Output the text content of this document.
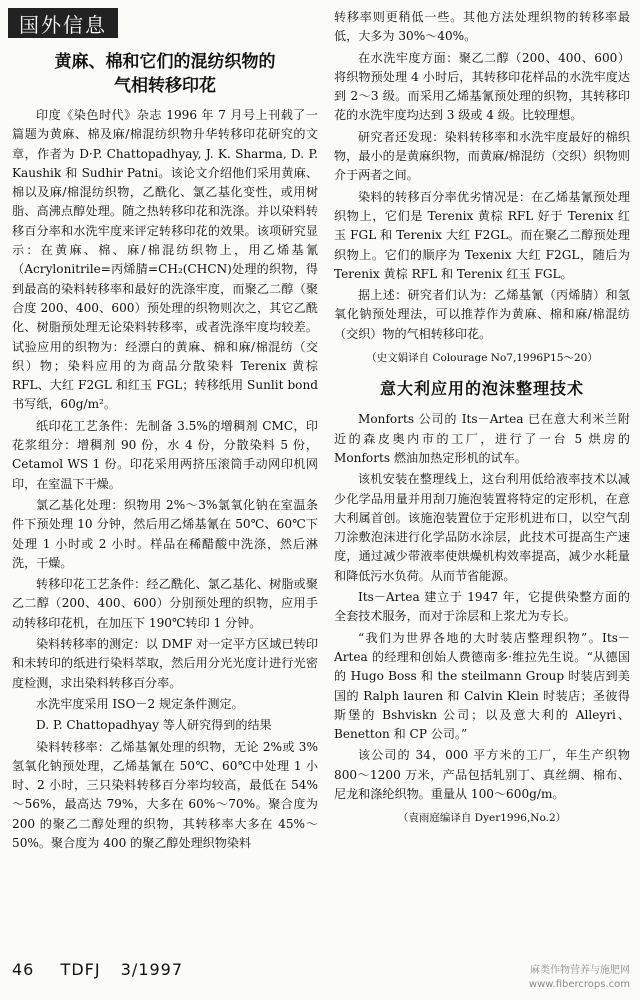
国外信息
黄麻、棉和它们的混纺织物的
气相转移印花

印度《染色时代》杂志 1996 年 7 月号上刊载了一篇题为黄麻、棉及麻/棉混纺织物升华转移印花研究的文章，作者为 D·P. Chattopadhyay, J. K. Sharma, D. P. Kaushik 和 Sudhir Patni。该论文介绍他们采用黄麻、棉以及麻/棉混纺织物，乙酰化、氯乙基化变性，或用树脂、高沸点醇处理。随之热转移印花和洗涤。并以染料转移百分率和水洗牢度来评定转移印花的效果。该项研究显示：在黄麻、棉、麻/棉混纺织物上，用乙烯基氰（Acrylonitrile=丙烯腈=CH₂(CHCN)处理的织物，得到最高的染料转移率和最好的洗涤牢度，而聚乙二醇（聚合度 200、400、600）预处理的织物则次之，其它乙酰化、树脂预处理无论染料转移率，或者洗涤牢度均较差。试验应用的织物为：经漂白的黄麻、棉和麻/棉混纺（交织）物；染料应用的为商品分散染料 Terenix 黄棕 RFL、大红 F2GL 和红玉 FGL；转移纸用 Sunlit bond 书写纸，60g/m²。

纸印花工艺条件：先制备 3.5%的增稠剂 CMC，印花浆组分：增稠剂 90 份，水 4 份，分散染料 5 份，Cetamol WS 1 份。印花采用两挤压滚筒手动网印机网印，在室温下干燥。

氯乙基化处理：织物用 2%～3%氯氧化钠在室温条件下预处理 10 分钟，然后用乙烯基氰在 50℃、60℃下处理 1 小时或 2 小时。样品在稀醋酸中洗涤，然后淋洗，干燥。

转移印花工艺条件：经乙酰化、氯乙基化、树脂或聚乙二醇（200、400、600）分别预处理的织物，应用手动转移印花机，在加压下 190℃转印 1 分钟。

染料转移率的测定：以 DMF 对一定平方区域已转印和未转印的纸进行染料萃取，然后用分光光度计进行光密度检测，求出染料转移百分率。

水洗牢度采用 ISO－2 规定条件测定。

D. P. Chattopadhyay 等人研究得到的结果

染料转移率：乙烯基氰处理的织物，无论 2%或 3%氢氧化钠预处理，乙烯基氰在 50℃、60℃中处理 1 小时、2 小时，三只染料转移百分率均较高，最低在 54%～56%，最高达 79%，大多在 60%～70%。聚合度为 200 的聚乙二醇处理的织物，其转移率大多在 45%～50%。聚合度为 400 的聚乙醇处理织物染料

转移率则更稍低一些。其他方法处理织物的转移率最低，大多为 30%～40%。

在水洗牢度方面：聚乙二醇（200、400、600）将织物预处理 4 小时后，其转移印花样品的水洗牢度达到 2～3 级。而采用乙烯基氰预处理的织物，其转移印花的水洗牢度均达到 3 级或 4 级。比较理想。

研究者还发现：染料转移率和水洗牢度最好的棉织物，最小的是黄麻织物，而黄麻/棉混纺（交织）织物则介于两者之间。

染料的转移百分率优劣情况是：在乙烯基氰预处理织物上，它们是 Terenix 黄棕 RFL 好于 Terenix 红玉 FGL 和 Terenix 大红 F2GL。而在聚乙二醇预处理织物上。它们的顺序为 Texenix 大红 F2GL，随后为 Terenix 黄棕 RFL 和 Terenix 红玉 FGL。

据上述：研究者们认为：乙烯基氰（丙烯腈）和氢氧化钠预处理法，可以推荐作为黄麻、棉和麻/棉混纺（交织）物的气相转移印花。

（史文娟译自 Colourage No7,1996P15～20）
意大利应用的泡沫整理技术

Monforts 公司的 Its－Artea 已在意大利米兰附近的森皮奥内市的工厂，进行了一台 5 烘房的 Monforts 燃油加热定形机的试车。

该机安装在整理线上，这台利用低给液率技术以减少化学品用量并用刮刀施泡装置将特定的定形机，在意大利属首创。该施泡装置位于定形机进布口，以空气刮刀涂敷泡沫进行化学品防水涂层，此技术可提高生产速度，通过减少带液率使烘燥机构效率提高，减少水耗量和降低污水负荷。从而节省能源。

Its－Artea 建立于 1947 年，它提供染整方面的全套技术服务，而对于涂层和上浆尤为专长。

“我们为世界各地的大时装店整理织物”。Its－Artea 的经理和创始人费德南多·维拉先生说。“从德国的 Hugo Boss 和 the steilmann Group 时装店到美国的 Ralph lauren 和 Calvin Klein 时装店；圣彼得斯堡的 Bshviskn 公司；以及意大利的 Alleyri、Benetton 和 CP 公司。”

该公司的 34，000 平方米的工厂，年生产织物 800～1200 万米，产品包括轧别丁、真丝绸、棉布、尼龙和涤纶织物。重量从 100～600g/m。

（袁雨庭编译自 Dyer1996,No.2）
46 TDFJ 3/1997	麻类作物营养与施肥网
www.fibercrops.com
